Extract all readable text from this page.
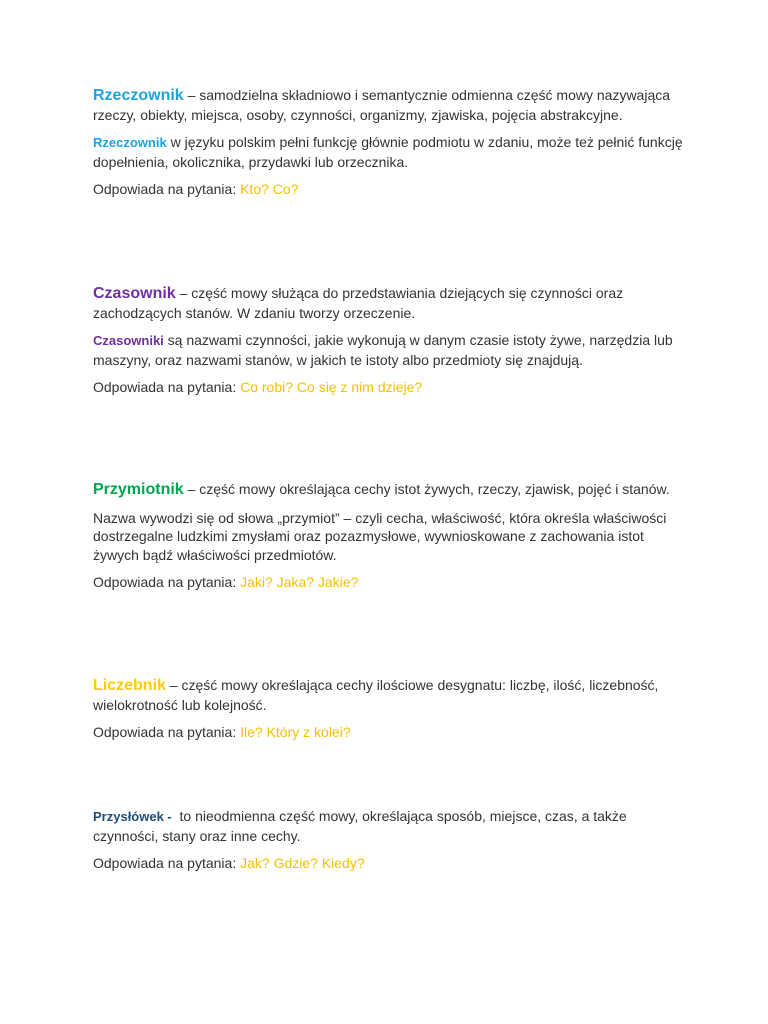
Rzeczownik – samodzielna składniowo i semantycznie odmienna część mowy nazywająca rzeczy, obiekty, miejsca, osoby, czynności, organizmy, zjawiska, pojęcia abstrakcyjne.

Rzeczownik w języku polskim pełni funkcję głównie podmiotu w zdaniu, może też pełnić funkcję dopełnienia, okolicznika, przydawki lub orzecznika.

Odpowiada na pytania: Kto? Co?

Czasownik – część mowy służąca do przedstawiania dziejących się czynności oraz zachodzących stanów. W zdaniu tworzy orzeczenie.

Czasowniki są nazwami czynności, jakie wykonują w danym czasie istoty żywe, narzędzia lub maszyny, oraz nazwami stanów, w jakich te istoty albo przedmioty się znajdują.

Odpowiada na pytania: Co robi? Co się z nim dzieje?

Przymiotnik – część mowy określająca cechy istot żywych, rzeczy, zjawisk, pojęć i stanów.

Nazwa wywodzi się od słowa „przymiot” – czyli cecha, właściwość, która określa właściwości dostrzegalne ludzkimi zmysłami oraz pozazmysłowe, wywnioskowane z zachowania istot żywych bądź właściwości przedmiotów.

Odpowiada na pytania: Jaki? Jaka? Jakie?

Liczebnik – część mowy określająca cechy ilościowe desygnatu: liczbę, ilość, liczebność, wielokrotność lub kolejność.

Odpowiada na pytania: Ile? Który z kolei?

Przysłówek -  to nieodmienna część mowy, określająca sposób, miejsce, czas, a także czynności, stany oraz inne cechy.

Odpowiada na pytania: Jak? Gdzie? Kiedy?
